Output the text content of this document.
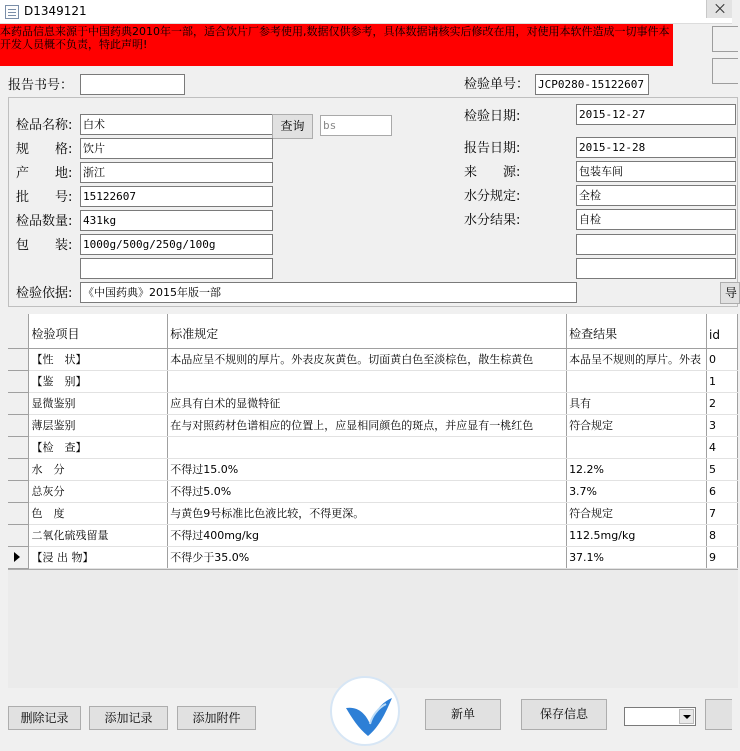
D1349121
本药品信息来源于中国药典2010年一部，适合饮片厂参考使用,数据仅供参考，具体数据请核实后修改在用，对使用本软件造成一切事件本开发人员概不负责，特此声明!
报告书号：	检验单号： JCP0280-15122607
检品名称: 白术	查询	bs
规　　格: 饮片
产　　地: 浙江
批　　号: 15122607
检品数量: 431kg
包　　装: 1000g/500g/250g/100g
检验依据: 《中国药典》2015年版一部
检验日期:	2015-12-27
报告日期:	2015-12-28
来　　源:	包装车间
水分规定:	全检
水分结果:	自检
导
	检验项目	标准规定	检查结果	id
	【性　状】	本品应呈不规则的厚片。外表皮灰黄色。切面黄白色至淡棕色，散生棕黄色	本品呈不规则的厚片。外表	0
	【鉴　别】			1
	显微鉴别	应具有白术的显微特征	具有	2
	薄层鉴别	在与对照药材色谱相应的位置上，应显相同颜色的斑点，并应显有一桃红色	符合规定	3
	【检　查】			4
	水　分	不得过15.0%	12.2%	5
	总灰分	不得过5.0%	3.7%	6
	色　度	与黄色9号标准比色液比较，不得更深。	符合规定	7
	二氧化硫残留量	不得过400mg/kg	112.5mg/kg	8

	【浸 出 物】	不得少于35.0%	37.1%	9
删除记录	添加记录	添加附件	新单	保存信息
